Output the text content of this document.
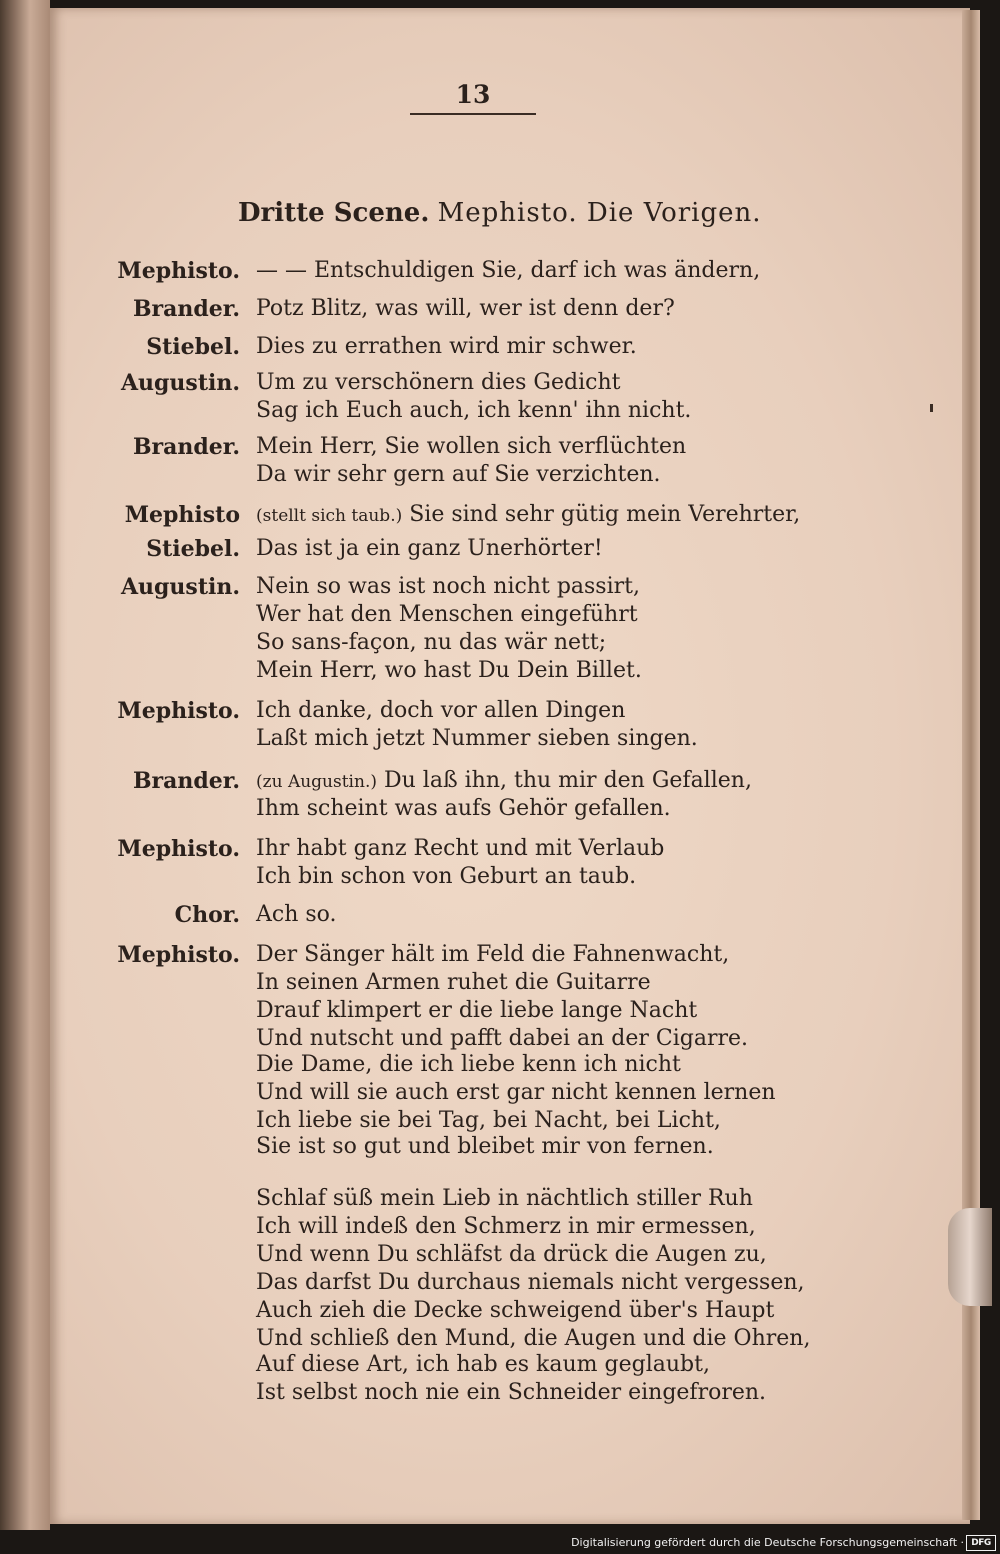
13
Dritte Scene. Mephisto. Die Vorigen.
Mephisto. — — Entschuldigen Sie, darf ich was ändern,
Brander. Potz Blitz, was will, wer ist denn der?
Stiebel. Dies zu errathen wird mir schwer.
Augustin. Um zu verschönern dies Gedicht
Sag ich Euch auch, ich kenn' ihn nicht.
Brander. Mein Herr, Sie wollen sich verflüchten
Da wir sehr gern auf Sie verzichten.
Mephisto (stellt sich taub.) Sie sind sehr gütig mein Verehrter,
Stiebel. Das ist ja ein ganz Unerhörter!
Augustin. Nein so was ist noch nicht passirt,
Wer hat den Menschen eingeführt
So sans-façon, nu das wär nett;
Mein Herr, wo hast Du Dein Billet.
Mephisto. Ich danke, doch vor allen Dingen
Laßt mich jetzt Nummer sieben singen.
Brander. (zu Augustin.) Du laß ihn, thu mir den Gefallen,
Ihm scheint was aufs Gehör gefallen.
Mephisto. Ihr habt ganz Recht und mit Verlaub
Ich bin schon von Geburt an taub.
Chor. Ach so.
Mephisto. Der Sänger hält im Feld die Fahnenwacht,
In seinen Armen ruhet die Guitarre
Drauf klimpert er die liebe lange Nacht
Und nutscht und pafft dabei an der Cigarre.
Die Dame, die ich liebe kenn ich nicht
Und will sie auch erst gar nicht kennen lernen
Ich liebe sie bei Tag, bei Nacht, bei Licht,
Sie ist so gut und bleibet mir von fernen.
Schlaf süß mein Lieb in nächtlich stiller Ruh
Ich will indeß den Schmerz in mir ermessen,
Und wenn Du schläfst da drück die Augen zu,
Das darfst Du durchaus niemals nicht vergessen,
Auch zieh die Decke schweigend über's Haupt
Und schließ den Mund, die Augen und die Ohren,
Auf diese Art, ich hab es kaum geglaubt,
Ist selbst noch nie ein Schneider eingefroren.
Digitalisierung gefördert durch die Deutsche Forschungsgemeinschaft · DFG
